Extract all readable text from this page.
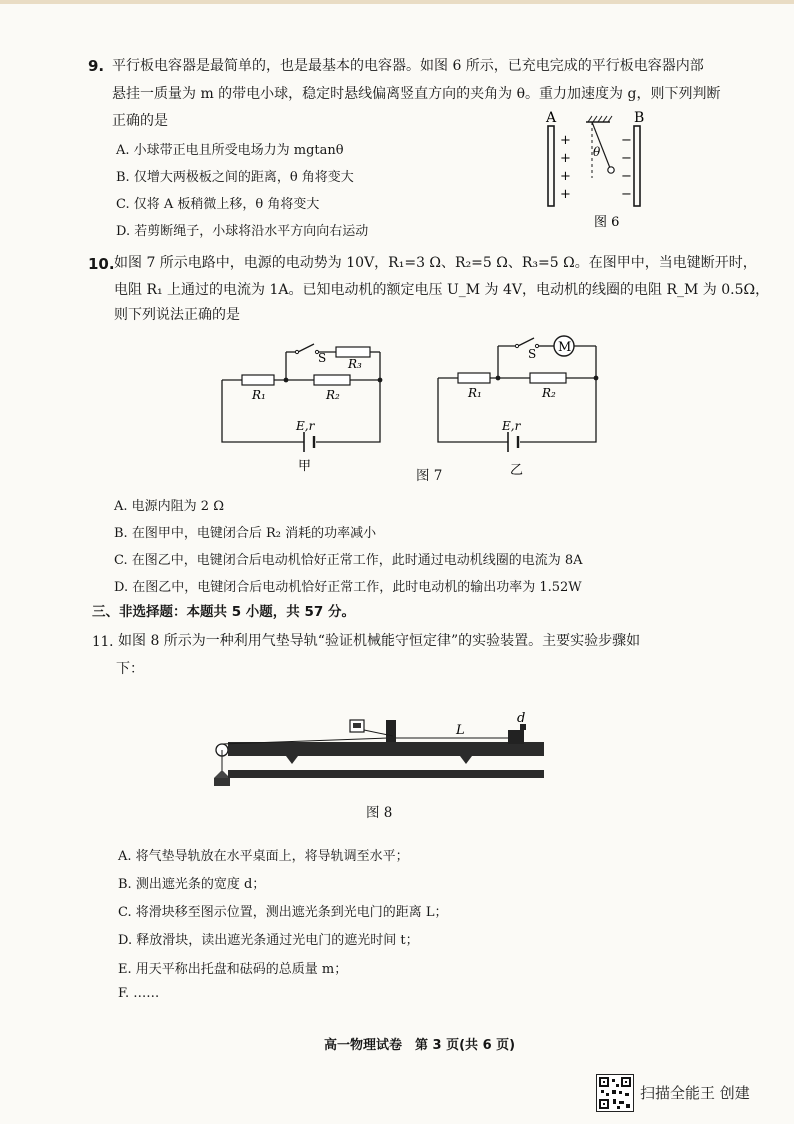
9. 平行板电容器是最简单的，也是最基本的电容器。如图 6 所示，已充电完成的平行板电容器内部
悬挂一质量为 m 的带电小球，稳定时悬线偏离竖直方向的夹角为 θ。重力加速度为 g，则下列判断
正确的是
A. 小球带正电且所受电场力为 mgtanθ
B. 仅增大两极板之间的距离，θ 角将变大
C. 仅将 A 板稍微上移，θ 角将变大
D. 若剪断绳子，小球将沿水平方向向右运动
A	B
+
+
+
+
−
−
−
−
θ
图 6
10. 如图 7 所示电路中，电源的电动势为 10V，R₁=3 Ω、R₂=5 Ω、R₃=5 Ω。在图甲中，当电键断开时，
电阻 R₁ 上通过的电流为 1A。已知电动机的额定电压 U_M 为 4V，电动机的线圈的电阻 R_M 为 0.5Ω，
则下列说法正确的是
S R₃
R₁	R₂
E,r
甲
图 7
M
S
R₁	R₂
E,r
乙
A. 电源内阻为 2 Ω
B. 在图甲中，电键闭合后 R₂ 消耗的功率减小
C. 在图乙中，电键闭合后电动机恰好正常工作，此时通过电动机线圈的电流为 8A
D. 在图乙中，电键闭合后电动机恰好正常工作，此时电动机的输出功率为 1.52W
三、非选择题：本题共 5 小题，共 57 分。
11. 如图 8 所示为一种利用气垫导轨“验证机械能守恒定律”的实验装置。主要实验步骤如
下：
L
d
图 8
A. 将气垫导轨放在水平桌面上，将导轨调至水平；
B. 测出遮光条的宽度 d；
C. 将滑块移至图示位置，测出遮光条到光电门的距离 L；
D. 释放滑块，读出遮光条通过光电门的遮光时间 t；
E. 用天平称出托盘和砝码的总质量 m；
F. ……
高一物理试卷　第 3 页(共 6 页)
扫描全能王 创建
